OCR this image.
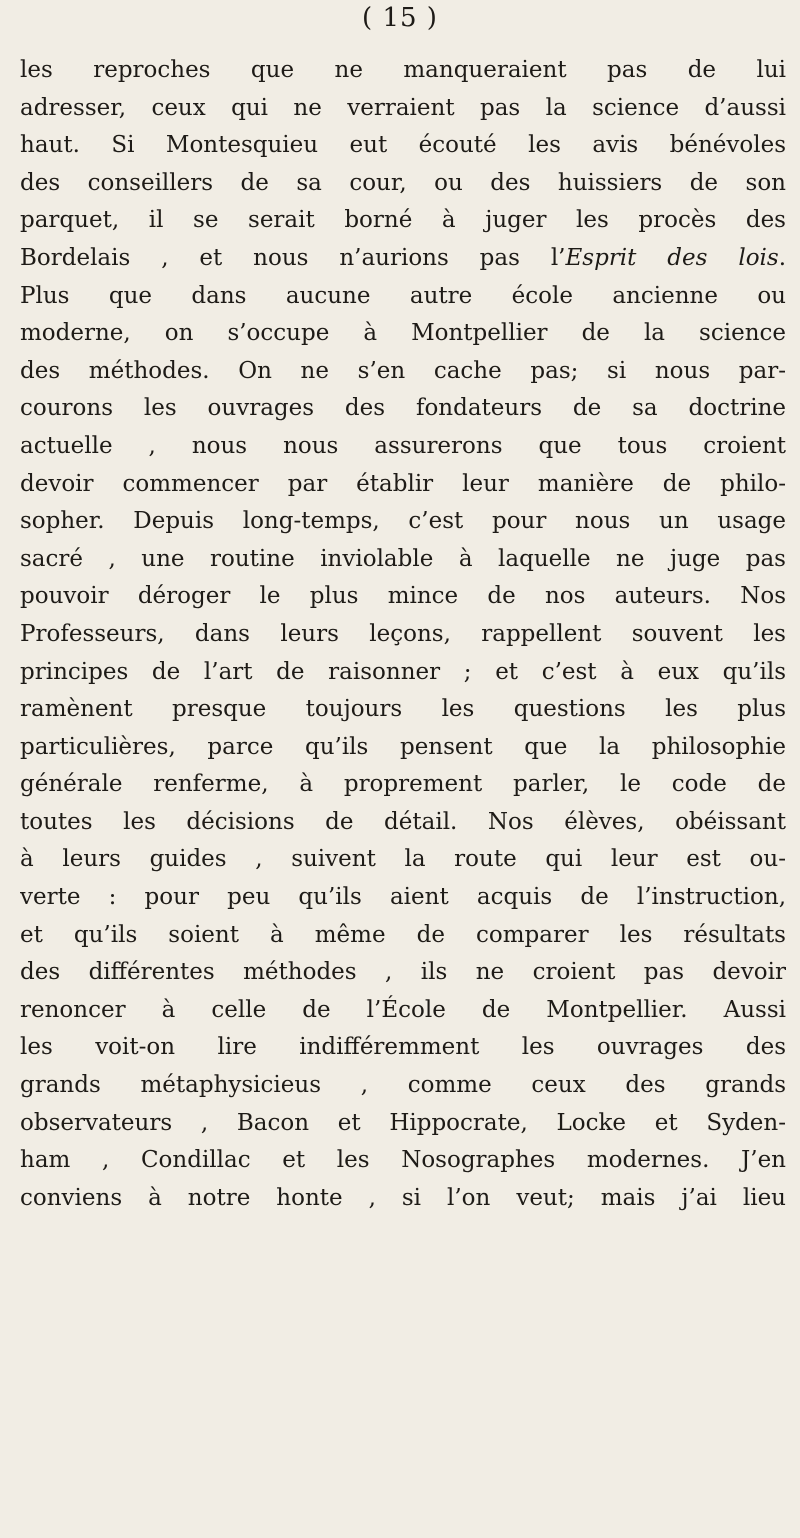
( 15 )
les reproches que ne manqueraient pas de lui
adresser, ceux qui ne verraient pas la science d’aussi
haut. Si Montesquieu eut écouté les avis bénévoles
des conseillers de sa cour, ou des huissiers de son
parquet, il se serait borné à juger les procès des
Bordelais , et nous n’aurions pas l’Esprit des lois.
Plus que dans aucune autre école ancienne ou
moderne, on s’occupe à Montpellier de la science
des méthodes. On ne s’en cache pas; si nous par-
courons les ouvrages des fondateurs de sa doctrine
actuelle , nous nous assurerons que tous croient
devoir commencer par établir leur manière de philo-
sopher. Depuis long-temps, c’est pour nous un usage
sacré , une routine inviolable à laquelle ne juge pas
pouvoir déroger le plus mince de nos auteurs. Nos
Professeurs, dans leurs leçons, rappellent souvent les
principes de l’art de raisonner ; et c’est à eux qu’ils
ramènent presque toujours les questions les plus
particulières, parce qu’ils pensent que la philosophie
générale renferme, à proprement parler, le code de
toutes les décisions de détail. Nos élèves, obéissant
à leurs guides , suivent la route qui leur est ou-
verte : pour peu qu’ils aient acquis de l’instruction,
et qu’ils soient à même de comparer les résultats
des différentes méthodes , ils ne croient pas devoir
renoncer à celle de l’École de Montpellier. Aussi
les voit-on lire indifféremment les ouvrages des
grands métaphysicieus , comme ceux des grands
observateurs , Bacon et Hippocrate, Locke et Syden-
ham , Condillac et les Nosographes modernes. J’en
conviens à notre honte , si l’on veut; mais j’ai lieu
